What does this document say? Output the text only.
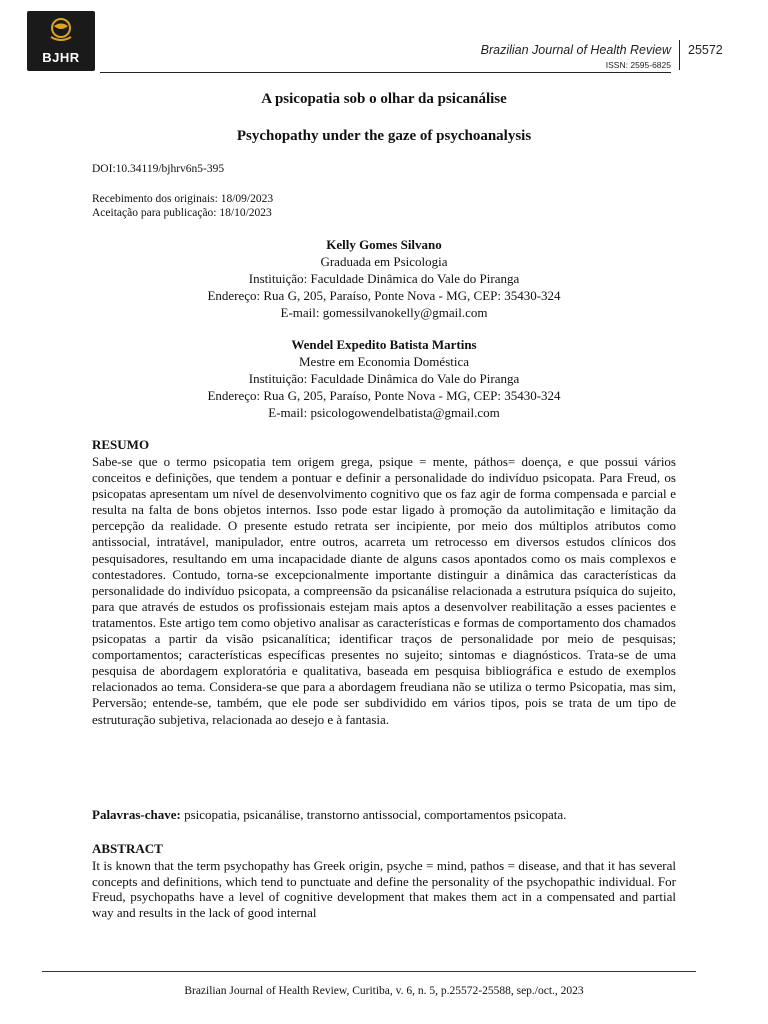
BJHR	Brazilian Journal of Health Review
ISSN: 2595-6825
25572
A psicopatia sob o olhar da psicanálise
Psychopathy under the gaze of psychoanalysis
DOI:10.34119/bjhrv6n5-395
Recebimento dos originais: 18/09/2023
Aceitação para publicação: 18/10/2023
Kelly Gomes Silvano
Graduada em Psicologia
Instituição: Faculdade Dinâmica do Vale do Piranga
Endereço: Rua G, 205, Paraíso, Ponte Nova - MG, CEP: 35430-324
E-mail: gomessilvanokelly@gmail.com
Wendel Expedito Batista Martins
Mestre em Economia Doméstica
Instituição: Faculdade Dinâmica do Vale do Piranga
Endereço: Rua G, 205, Paraíso, Ponte Nova - MG, CEP: 35430-324
E-mail: psicologowendelbatista@gmail.com
RESUMO
Sabe-se que o termo psicopatia tem origem grega, psique = mente, páthos= doença, e que possui vários conceitos e definições, que tendem a pontuar e definir a personalidade do indivíduo psicopata. Para Freud, os psicopatas apresentam um nível de desenvolvimento cognitivo que os faz agir de forma compensada e parcial e resulta na falta de bons objetos internos. Isso pode estar ligado à promoção da autolimitação e limitação da percepção da realidade. O presente estudo retrata ser incipiente, por meio dos múltiplos atributos como antissocial, intratável, manipulador, entre outros, acarreta um retrocesso em diversos estudos clínicos dos pesquisadores, resultando em uma incapacidade diante de alguns casos apontados como os mais complexos e contestadores. Contudo, torna-se excepcionalmente importante distinguir a dinâmica das características da personalidade do indivíduo psicopata, a compreensão da psicanálise relacionada a estrutura psíquica do sujeito, para que através de estudos os profissionais estejam mais aptos a desenvolver reabilitação a esses pacientes e tratamentos. Este artigo tem como objetivo analisar as características e formas de comportamento dos chamados psicopatas a partir da visão psicanalítica; identificar traços de personalidade por meio de pesquisas; comportamentos; características específicas presentes no sujeito; sintomas e diagnósticos. Trata-se de uma pesquisa de abordagem exploratória e qualitativa, baseada em pesquisa bibliográfica e estudo de exemplos relacionados ao tema. Considera-se que para a abordagem freudiana não se utiliza o termo Psicopatia, mas sim, Perversão; entende-se, também, que ele pode ser subdividido em vários tipos, pois se trata de um tipo de estruturação subjetiva, relacionada ao desejo e à fantasia.
Palavras-chave: psicopatia, psicanálise, transtorno antissocial, comportamentos psicopata.
ABSTRACT
It is known that the term psychopathy has Greek origin, psyche = mind, pathos = disease, and that it has several concepts and definitions, which tend to punctuate and define the personality of the psychopathic individual. For Freud, psychopaths have a level of cognitive development that makes them act in a compensated and partial way and results in the lack of good internal
Brazilian Journal of Health Review, Curitiba, v. 6, n. 5, p.25572-25588, sep./oct., 2023
